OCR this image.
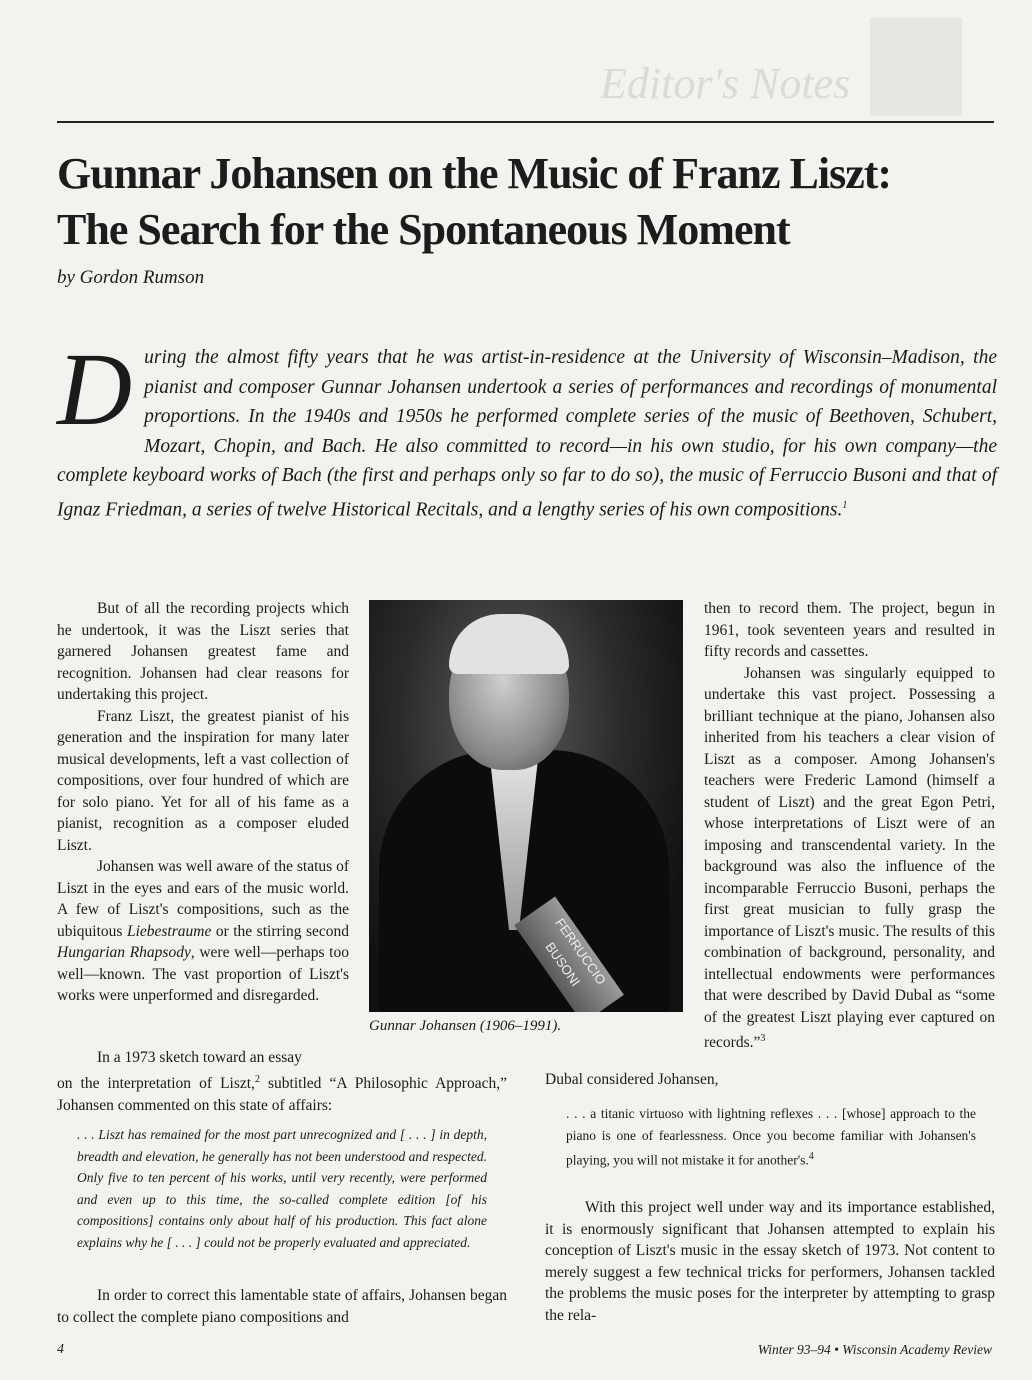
Editor's Notes
Gunnar Johansen on the Music of Franz Liszt:
The Search for the Spontaneous Moment
by Gordon Rumson

During the almost fifty years that he was artist-in-residence at the University of Wisconsin–Madison, the pianist and composer Gunnar Johansen undertook a series of performances and recordings of monumental proportions. In the 1940s and 1950s he performed complete series of the music of Beethoven, Schubert, Mozart, Chopin, and Bach. He also committed to record—in his own studio, for his own company—the complete keyboard works of Bach (the first and perhaps only so far to do so), the music of Ferruccio Busoni and that of Ignaz Friedman, a series of twelve Historical Recitals, and a lengthy series of his own compositions.$^1$

But of all the recording projects which he undertook, it was the Liszt series that garnered Johansen greatest fame and recognition. Johansen had clear reasons for undertaking this project.

Franz Liszt, the greatest pianist of his generation and the inspiration for many later musical developments, left a vast collection of compositions, over four hundred of which are for solo piano. Yet for all of his fame as a pianist, recognition as a composer eluded Liszt.

Johansen was well aware of the status of Liszt in the eyes and ears of the music world. A few of Liszt's compositions, such as the ubiquitous Liebestraume or the stirring second Hungarian Rhapsody, were well—perhaps too well—known. The vast proportion of Liszt's works were unperformed and disregarded.

FERRUCCIO BUSONI
Gunnar Johansen (1906–1991).

then to record them. The project, begun in 1961, took seventeen years and resulted in fifty records and cassettes.

Johansen was singularly equipped to undertake this vast project. Possessing a brilliant technique at the piano, Johansen also inherited from his teachers a clear vision of Liszt as a composer. Among Johansen's teachers were Frederic Lamond (himself a student of Liszt) and the great Egon Petri, whose interpretations of Liszt were of an imposing and transcendental variety. In the background was also the influence of the incomparable Ferruccio Busoni, perhaps the first great musician to fully grasp the importance of Liszt's music. The results of this combination of background, personality, and intellectual endowments were performances that were described by David Dubal as “some of the greatest Liszt playing ever captured on records.”$^3$

In a 1973 sketch toward an essay

on the interpretation of Liszt,$^2$ subtitled “A Philosophic Approach,” Johansen commented on this state of affairs:

. . . Liszt has remained for the most part unrecognized and [ . . . ] in depth, breadth and elevation, he generally has not been understood and respected. Only five to ten percent of his works, until very recently, were performed and even up to this time, the so-called complete edition [of his compositions] contains only about half of his production. This fact alone explains why he [ . . . ] could not be properly evaluated and appreciated.

In order to correct this lamentable state of affairs, Johansen began to collect the complete piano compositions and

Dubal considered Johansen,

. . . a titanic virtuoso with lightning reflexes . . . [whose] approach to the piano is one of fearlessness. Once you become familiar with Johansen's playing, you will not mistake it for another's.$^4$

With this project well under way and its importance established, it is enormously significant that Johansen attempted to explain his conception of Liszt's music in the essay sketch of 1973. Not content to merely suggest a few technical tricks for performers, Johansen tackled the problems the music poses for the interpreter by attempting to grasp the rela-

4	Winter 93–94 • Wisconsin Academy Review
